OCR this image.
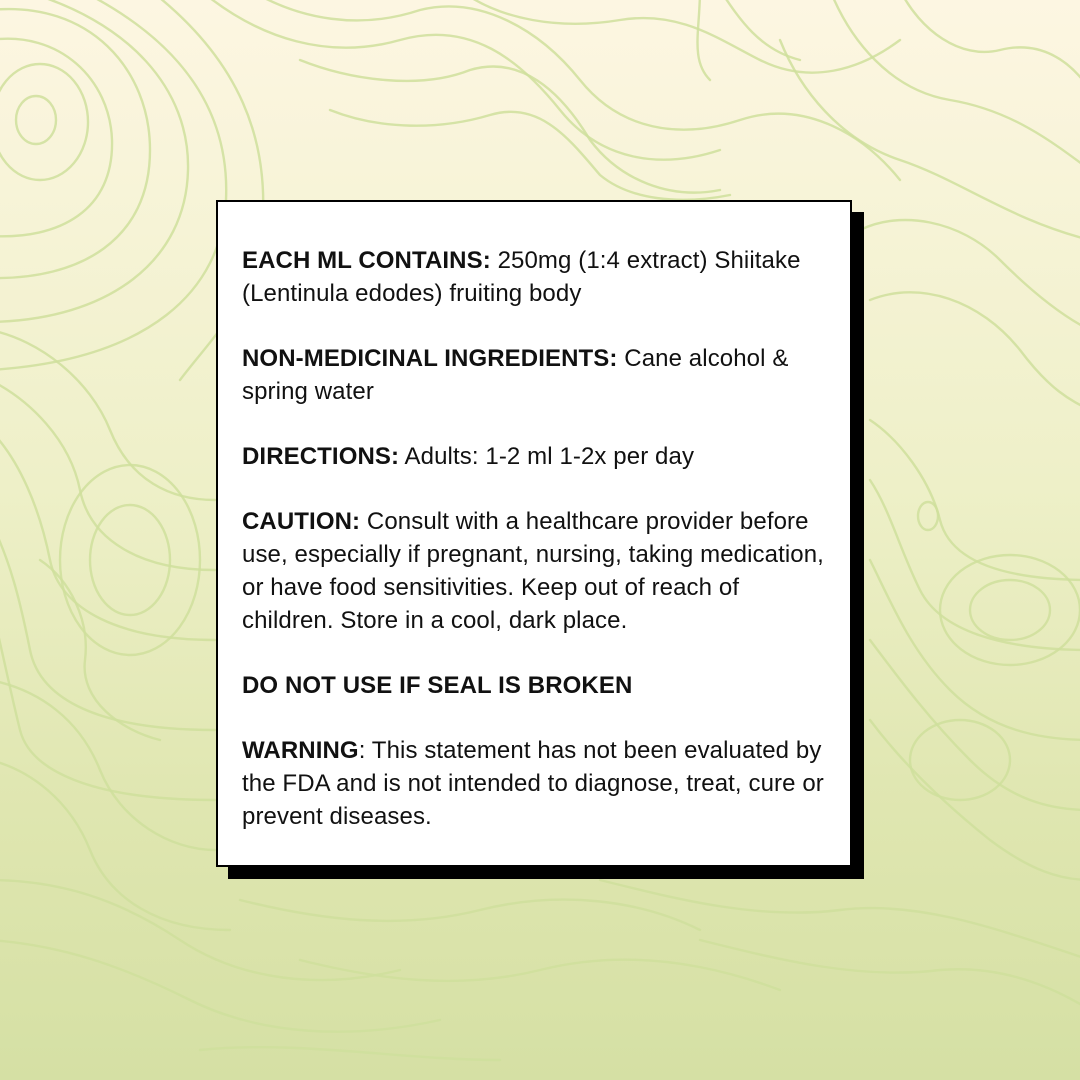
EACH ML CONTAINS: 250mg (1:4 extract) Shiitake (Lentinula edodes) fruiting body

NON-MEDICINAL INGREDIENTS: Cane alcohol & spring water

DIRECTIONS: Adults: 1-2 ml 1-2x per day

CAUTION: Consult with a healthcare provider before use, especially if pregnant, nursing, taking medication, or have food sensitivities. Keep out of reach of children. Store in a cool, dark place.

DO NOT USE IF SEAL IS BROKEN

WARNING: This statement has not been evaluated by the FDA and is not intended to diagnose, treat, cure or prevent diseases.
